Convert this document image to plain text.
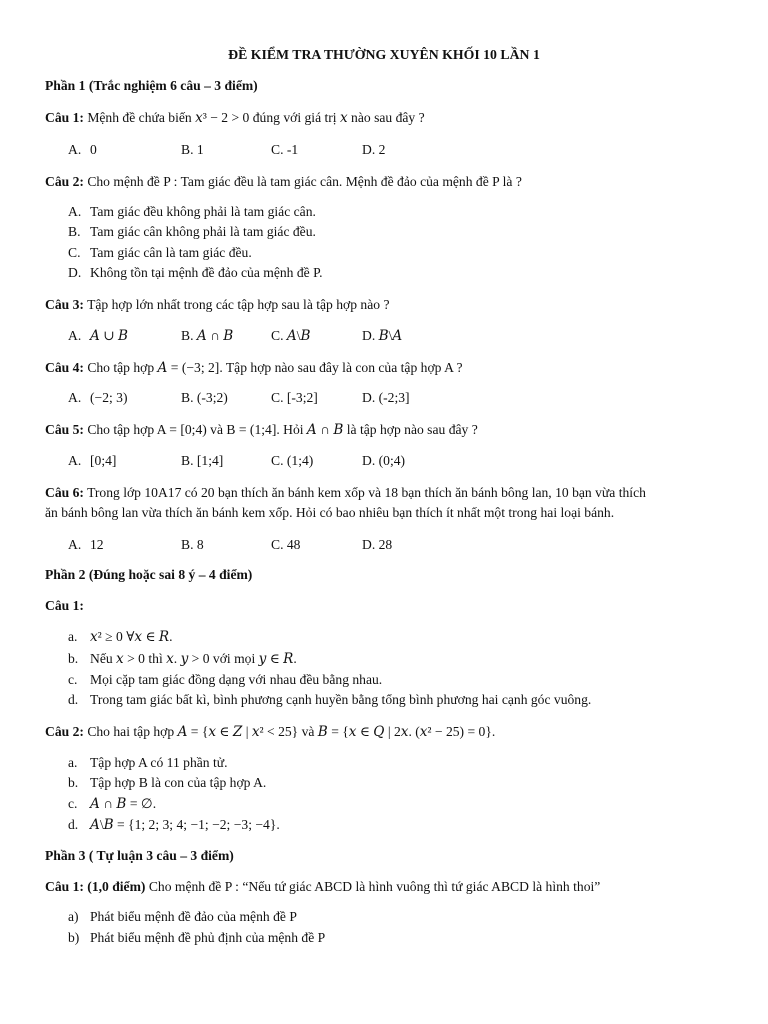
ĐỀ KIỂM TRA THƯỜNG XUYÊN KHỐI 10 LẦN 1
Phần 1 (Trắc nghiệm 6 câu – 3 điểm)
Câu 1: Mệnh đề chứa biến 𝑥³ − 2 > 0 đúng với giá trị 𝑥 nào sau đây ?
A. 0	B. 1	C. -1	D. 2
Câu 2: Cho mệnh đề P : Tam giác đều là tam giác cân. Mệnh đề đảo của mệnh đề P là ?
A. Tam giác đều không phải là tam giác cân.
B. Tam giác cân không phải là tam giác đều.
C. Tam giác cân là tam giác đều.
D. Không tồn tại mệnh đề đảo của mệnh đề P.
Câu 3: Tập hợp lớn nhất trong các tập hợp sau là tập hợp nào ?
A. 𝐴 ∪ 𝐵	B. 𝐴 ∩ 𝐵	C. 𝐴\𝐵	D. 𝐵\𝐴
Câu 4: Cho tập hợp 𝐴 = (−3; 2]. Tập hợp nào sau đây là con của tập hợp A ?
A. (−2; 3)	B. (-3;2)	C. [-3;2]	D. (-2;3]
Câu 5: Cho tập hợp A = [0;4) và B = (1;4]. Hỏi 𝐴 ∩ 𝐵 là tập hợp nào sau đây ?
A. [0;4]	B. [1;4]	C. (1;4)	D. (0;4)
Câu 6: Trong lớp 10A17 có 20 bạn thích ăn bánh kem xốp và 18 bạn thích ăn bánh bông lan, 10 bạn vừa thích
ăn bánh bông lan vừa thích ăn bánh kem xốp. Hỏi có bao nhiêu bạn thích ít nhất một trong hai loại bánh.
A. 12	B. 8	C. 48	D. 28
Phần 2 (Đúng hoặc sai 8 ý – 4 điểm)
Câu 1:
a. 𝑥² ≥ 0 ∀𝑥 ∈ 𝑅.
b. Nếu 𝑥 > 0 thì 𝑥. 𝑦 > 0 với mọi 𝑦 ∈ 𝑅.
c. Mọi cặp tam giác đồng dạng với nhau đều bằng nhau.
d. Trong tam giác bất kì, bình phương cạnh huyền bằng tổng bình phương hai cạnh góc vuông.
Câu 2: Cho hai tập hợp 𝐴 = {𝑥 ∈ 𝑍 | 𝑥² < 25} và 𝐵 = {𝑥 ∈ 𝑄 | 2𝑥. (𝑥² − 25) = 0}.
a. Tập hợp A có 11 phần tử.
b. Tập hợp B là con của tập hợp A.
c. 𝐴 ∩ 𝐵 = ∅.
d. 𝐴\𝐵 = {1; 2; 3; 4; −1; −2; −3; −4}.
Phần 3 ( Tự luận 3 câu – 3 điểm)
Câu 1: (1,0 điểm) Cho mệnh đề P : “Nếu tứ giác ABCD là hình vuông thì tứ giác ABCD là hình thoi”
a) Phát biểu mệnh đề đảo của mệnh đề P
b) Phát biểu mệnh đề phủ định của mệnh đề P
